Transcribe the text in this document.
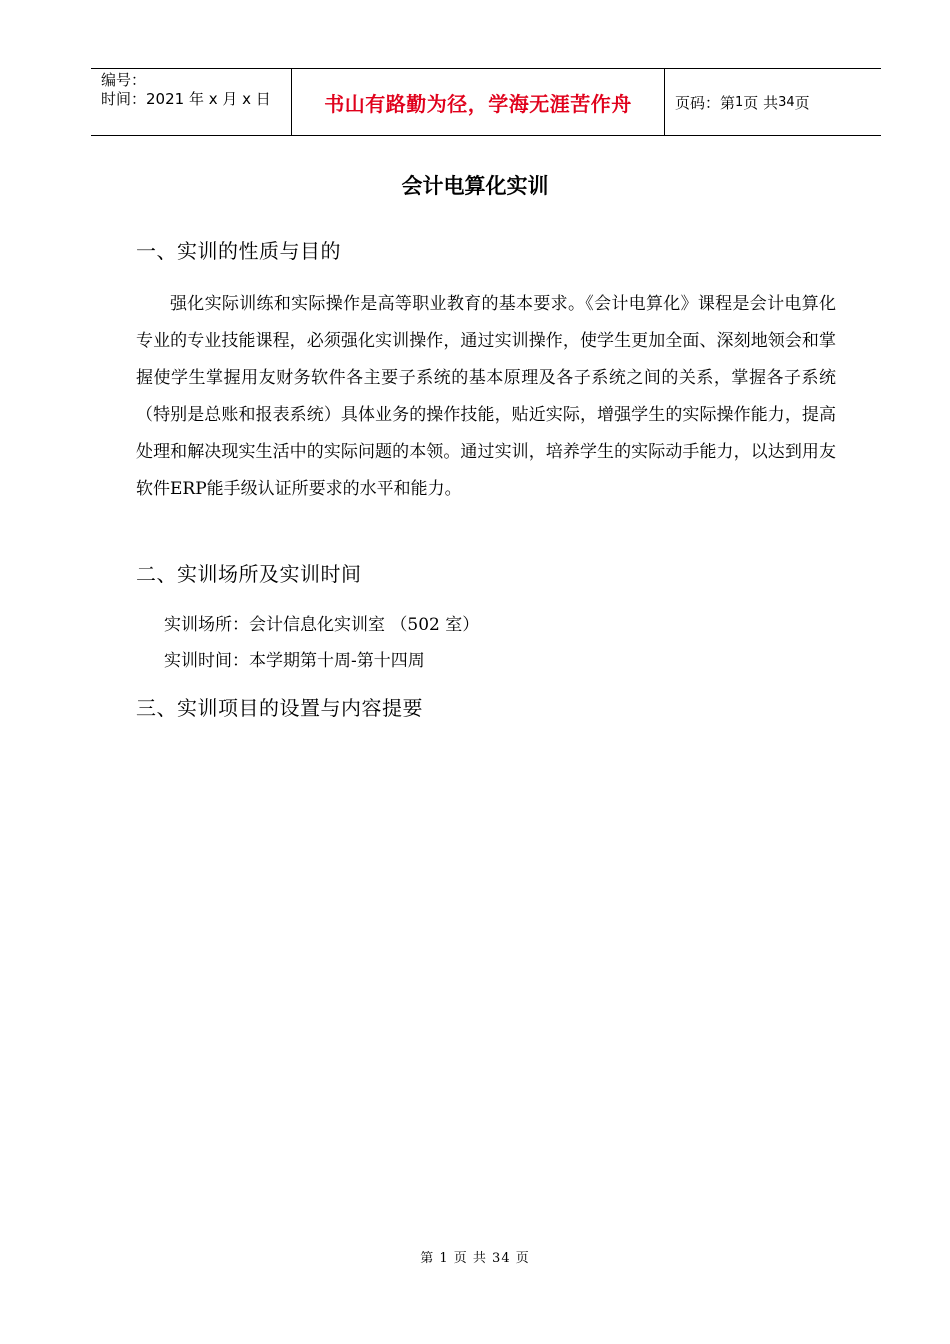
编号：
时间：2021 年 x 月 x 日	书山有路勤为径，学海无涯苦作舟	页码：第 1 页 共 34 页
会计电算化实训
一、实训的性质与目的

强化实际训练和实际操作是高等职业教育的基本要求。《会计电算化》课程是会计电算化专业的专业技能课程，必须强化实训操作，通过实训操作，使学生更加全面、深刻地领会和掌握使学生掌握用友财务软件各主要子系统的基本原理及各子系统之间的关系，掌握各子系统（特别是总账和报表系统）具体业务的操作技能，贴近实际，增强学生的实际操作能力，提高处理和解决现实生活中的实际问题的本领。通过实训，培养学生的实际动手能力，以达到用友软件ERP能手级认证所要求的水平和能力。

二、实训场所及实训时间
实训场所：会计信息化实训室 （502 室）
实训时间：本学期第十周-第十四周
三、实训项目的设置与内容提要
第 1 页 共 34 页
